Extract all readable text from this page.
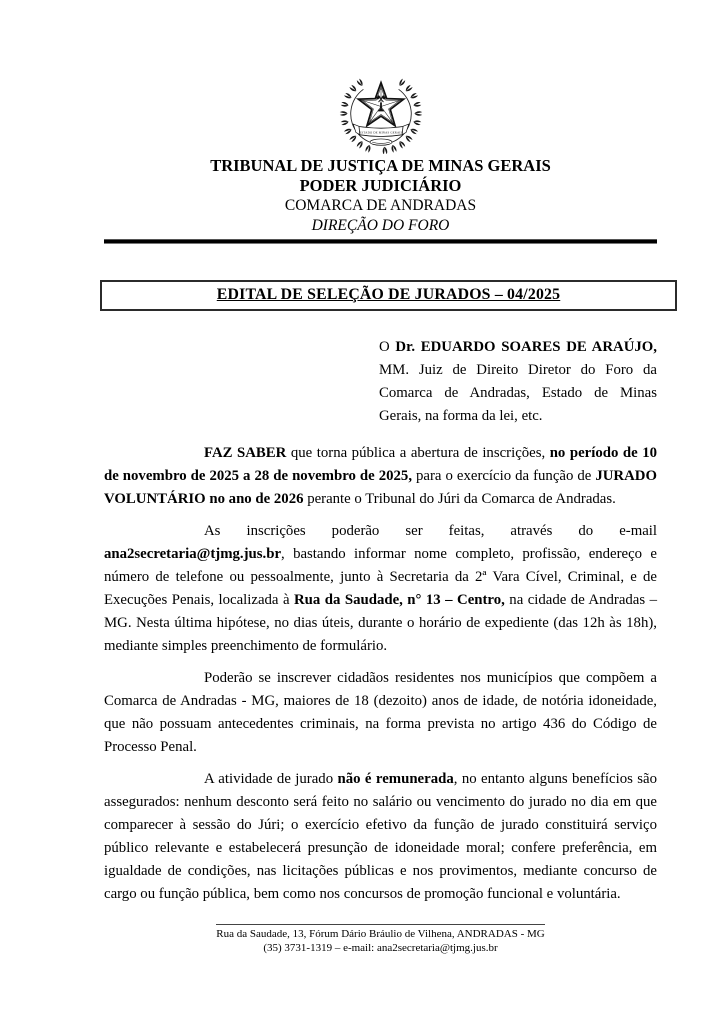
ESTADO DE MINAS GERAIS
TRIBUNAL DE JUSTIÇA DE MINAS GERAIS
PODER JUDICIÁRIO
COMARCA DE ANDRADAS
DIREÇÃO DO FORO
EDITAL DE SELEÇÃO DE JURADOS – 04/2025
O Dr. EDUARDO SOARES DE ARAÚJO, MM. Juiz de Direito Diretor do Foro da Comarca de Andradas, Estado de Minas Gerais, na forma da lei, etc.

FAZ SABER que torna pública a abertura de inscrições, no período de 10 de novembro de 2025 a 28 de novembro de 2025, para o exercício da função de JURADO VOLUNTÁRIO no ano de 2026 perante o Tribunal do Júri da Comarca de Andradas.

As inscrições poderão ser feitas, através do e-mail ana2secretaria@tjmg.jus.br, bastando informar nome completo, profissão, endereço e número de telefone ou pessoalmente, junto à Secretaria da 2ª Vara Cível, Criminal, e de Execuções Penais, localizada à Rua da Saudade, n° 13 – Centro, na cidade de Andradas – MG. Nesta última hipótese, no dias úteis, durante o horário de expediente (das 12h às 18h), mediante simples preenchimento de formulário.

Poderão se inscrever cidadãos residentes nos municípios que compõem a Comarca de Andradas - MG, maiores de 18 (dezoito) anos de idade, de notória idoneidade, que não possuam antecedentes criminais, na forma prevista no artigo 436 do Código de Processo Penal.

A atividade de jurado não é remunerada, no entanto alguns benefícios são assegurados: nenhum desconto será feito no salário ou vencimento do jurado no dia em que comparecer à sessão do Júri; o exercício efetivo da função de jurado constituirá serviço público relevante e estabelecerá presunção de idoneidade moral; confere preferência, em igualdade de condições, nas licitações públicas e nos provimentos, mediante concurso de cargo ou função pública, bem como nos concursos de promoção funcional e voluntária.

Rua da Saudade, 13, Fórum Dário Bráulio de Vilhena, ANDRADAS - MG
(35) 3731-1319 – e-mail: ana2secretaria@tjmg.jus.br
